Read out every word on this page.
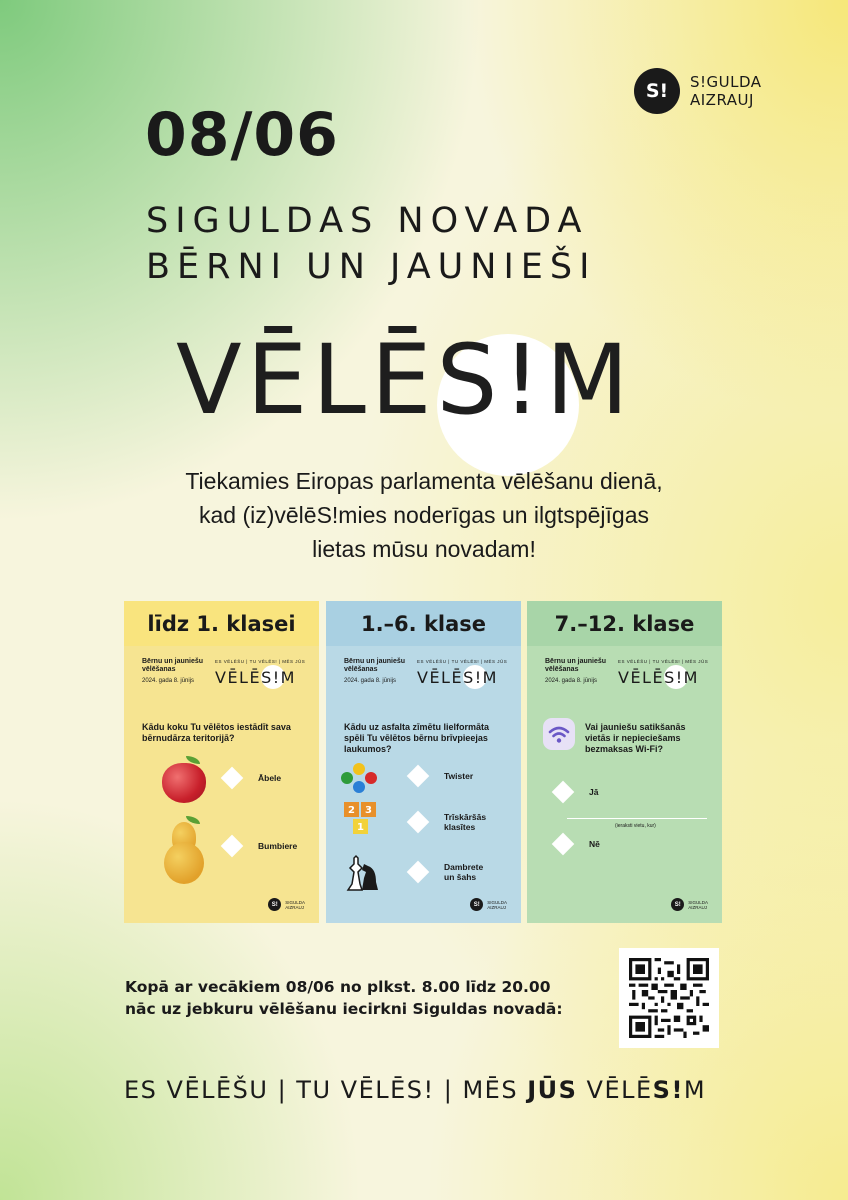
S!	S!GULDA
AIZRAUJ
08/06
SIGULDAS NOVADA
BĒRNI UN JAUNIEŠI
VĒLĒS!M
Tiekamies Eiropas parlamenta vēlēšanu dienā,
kad (iz)vēlēS!mies noderīgas un ilgtspējīgas
lietas mūsu novadam!
līdz 1. klasei
Bērnu un jauniešu vēlēšanas
2024. gada 8. jūnijs
ES VĒLĒŠU | TU VĒLĒS! | MĒS JŪS
VĒLĒS!M
Kādu koku Tu vēlētos iestādīt sava bērnudārza teritorijā?
Ābele
Bumbiere
S!	SIGULDA
AIZRAUJ
1.–6. klase
Bērnu un jauniešu vēlēšanas
2024. gada 8. jūnijs
ES VĒLĒŠU | TU VĒLĒS! | MĒS JŪS
VĒLĒS!M
Kādu uz asfalta zīmētu lielformāta spēli Tu vēlētos bērnu brīvpieejas laukumos?
Twister
2 3
1
Trīskāršās klasītes
Dambrete un šahs
S!	SIGULDA
AIZRAUJ
7.–12. klase
Bērnu un jauniešu vēlēšanas
2024. gada 8. jūnijs
ES VĒLĒŠU | TU VĒLĒS! | MĒS JŪS
VĒLĒS!M
Vai jauniešu satikšanās vietās ir nepieciešams bezmaksas Wi-Fi?
Jā
(ieraksti vietu, kur)
Nē
S!	SIGULDA
AIZRAUJ
Kopā ar vecākiem 08/06 no plkst. 8.00 līdz 20.00
nāc uz jebkuru vēlēšanu iecirkni Siguldas novadā:
ES VĒLĒŠU | TU VĒLĒS! | MĒS JŪS VĒLĒS!M
